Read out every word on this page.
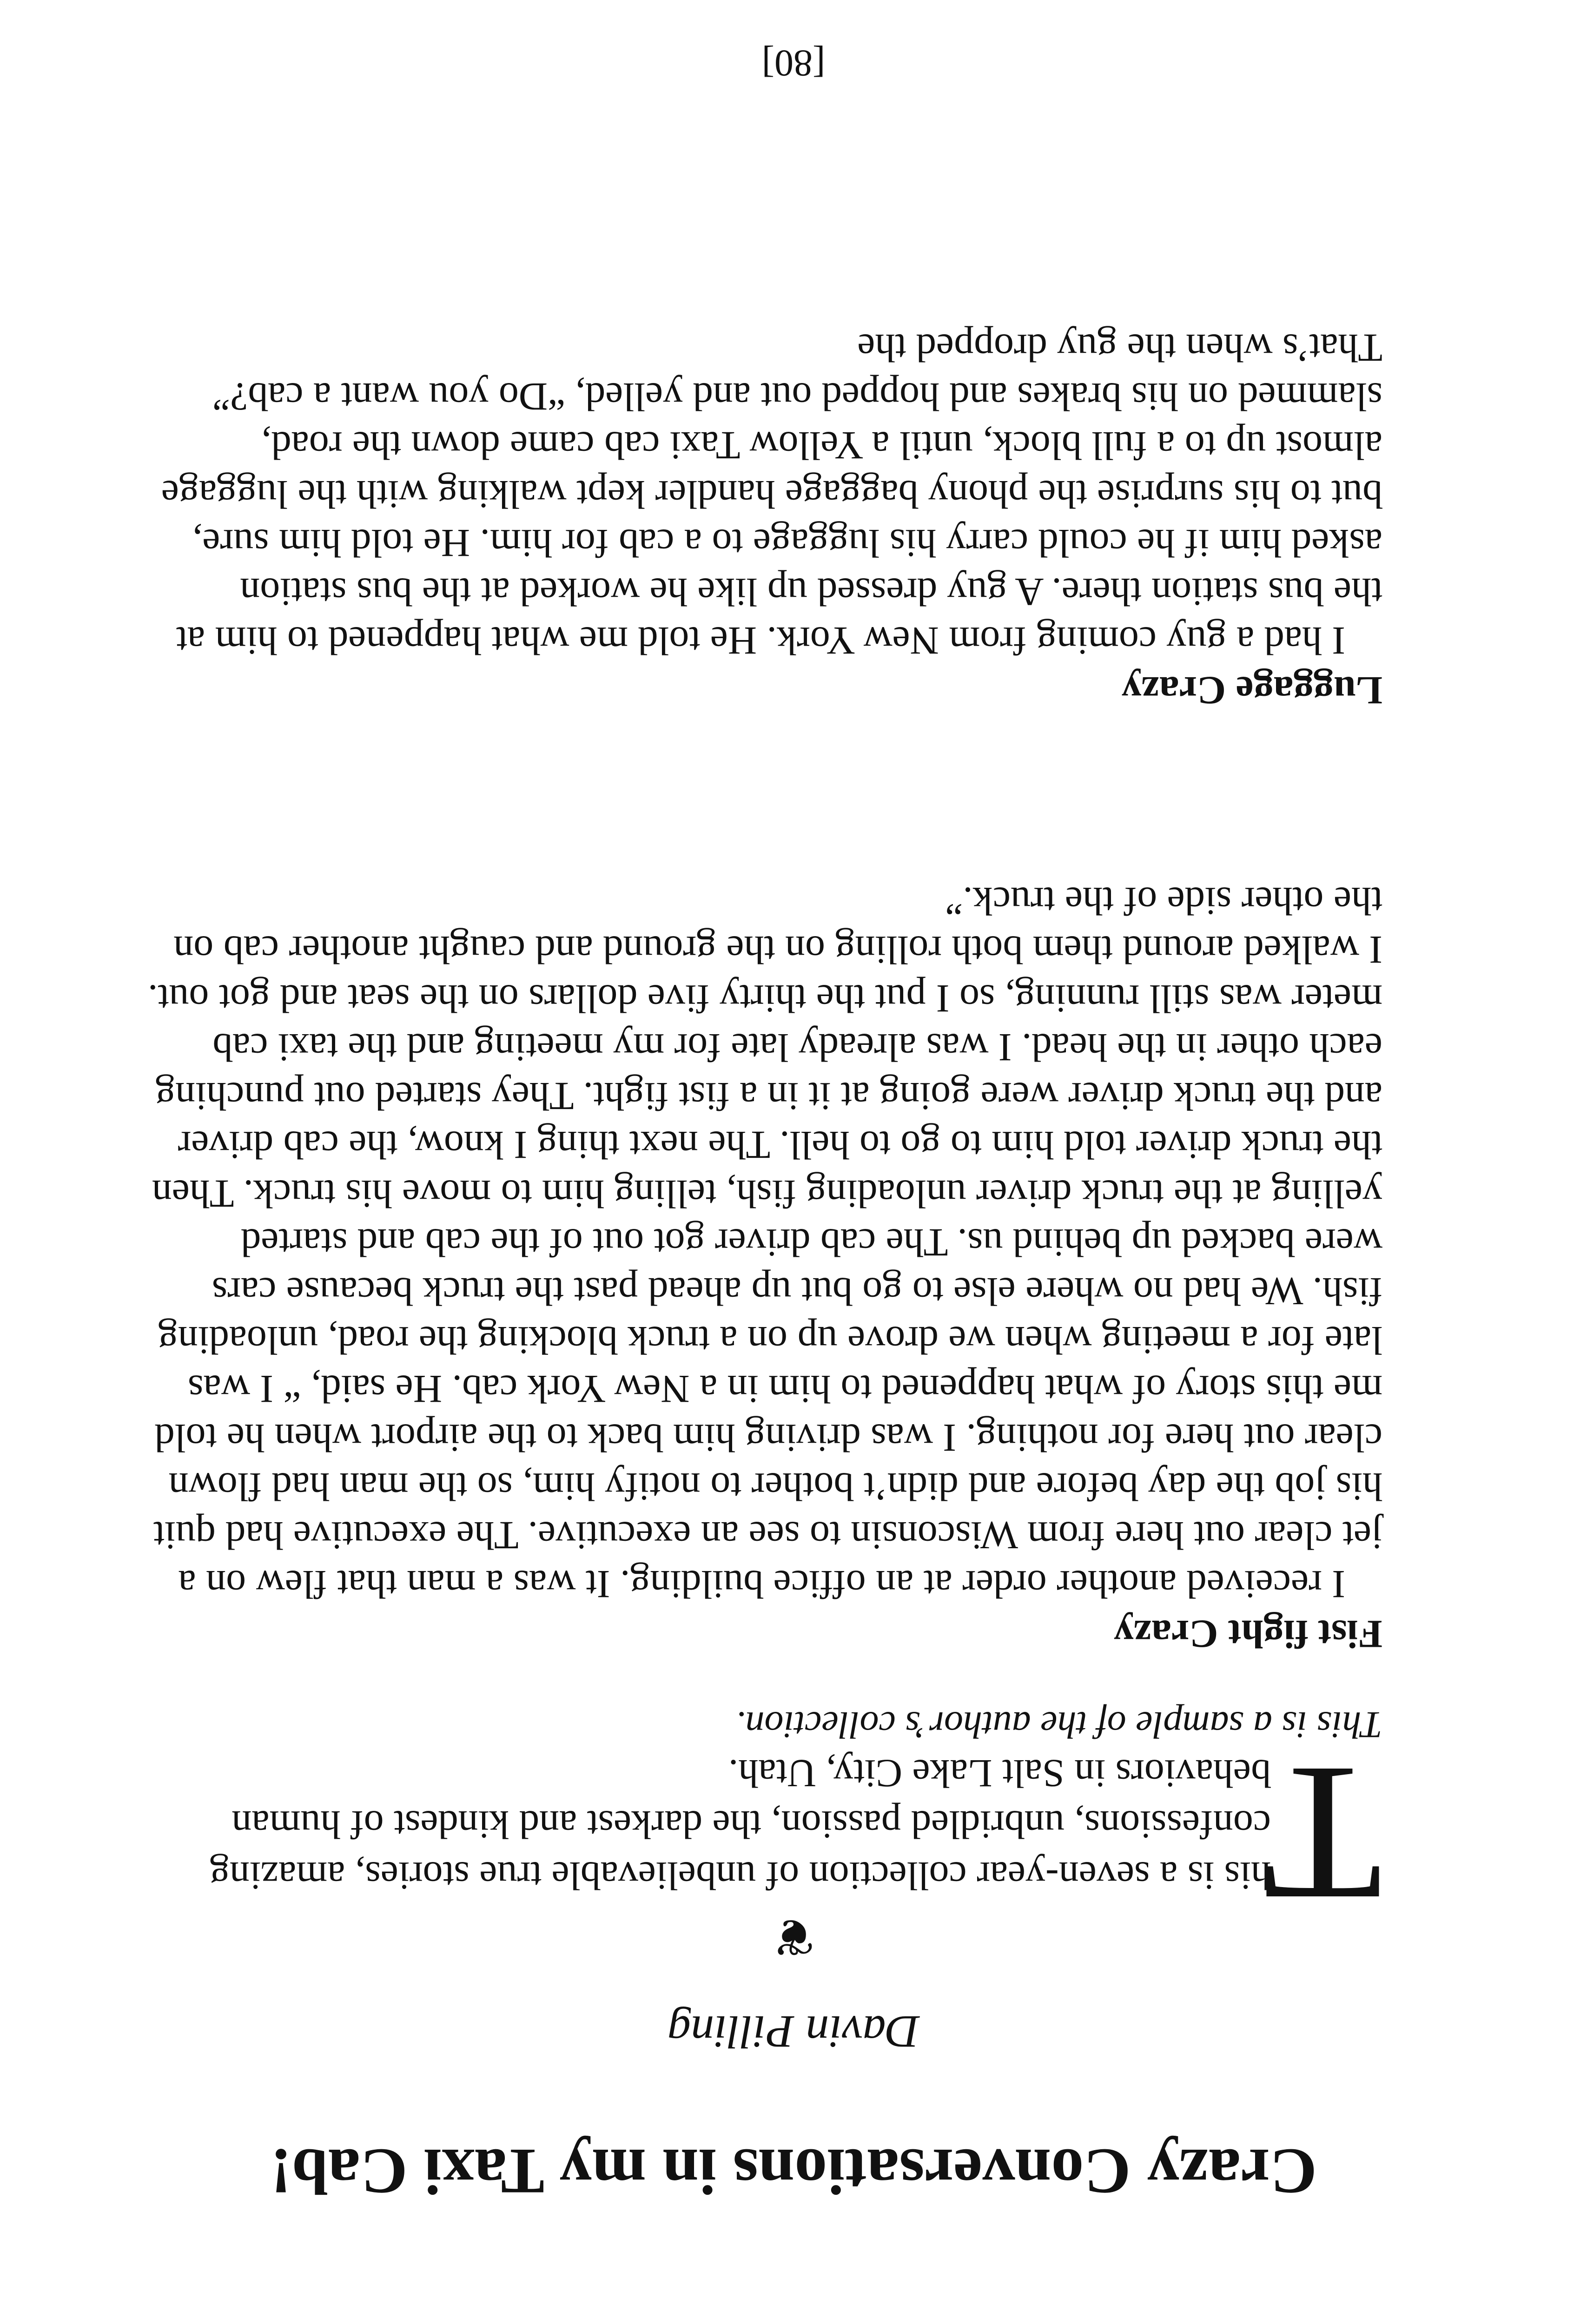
Crazy Conversations in my Taxi Cab!
Davin Pilling
❦	T

his is a seven-year collection of unbelievable true stories, amazing confessions, unbridled passion, the darkest and kindest of human behaviors in Salt Lake City, Utah.

This is a sample of the author’s collection.
Fist fight Crazy

I received another order at an office building. It was a man that flew on a jet clear out here from Wisconsin to see an executive. The executive had quit his job the day before and didn’t bother to notify him, so the man had flown clear out here for nothing. I was driving him back to the airport when he told me this story of what happened to him in a New York cab. He said, “ I was late for a meeting when we drove up on a truck blocking the road, unloading fish. We had no where else to go but up ahead past the truck because cars were backed up behind us. The cab driver got out of the cab and started yelling at the truck driver unloading fish, telling him to move his truck. Then the truck driver told him to go to hell. The next thing I know, the cab driver and the truck driver were going at it in a fist fight. They started out punching each other in the head. I was already late for my meeting and the taxi cab meter was still running, so I put the thirty five dollars on the seat and got out. I walked around them both rolling on the ground and caught another cab on the other side of the truck.”

Luggage Crazy

I had a guy coming from New York. He told me what happened to him at the bus station there. A guy dressed up like he worked at the bus station asked him if he could carry his luggage to a cab for him. He told him sure, but to his surprise the phony baggage handler kept walking with the luggage almost up to a full block, until a Yellow Taxi cab came down the road, slammed on his brakes and hopped out and yelled, “Do you want a cab?” That’s when the guy dropped the

[80]
